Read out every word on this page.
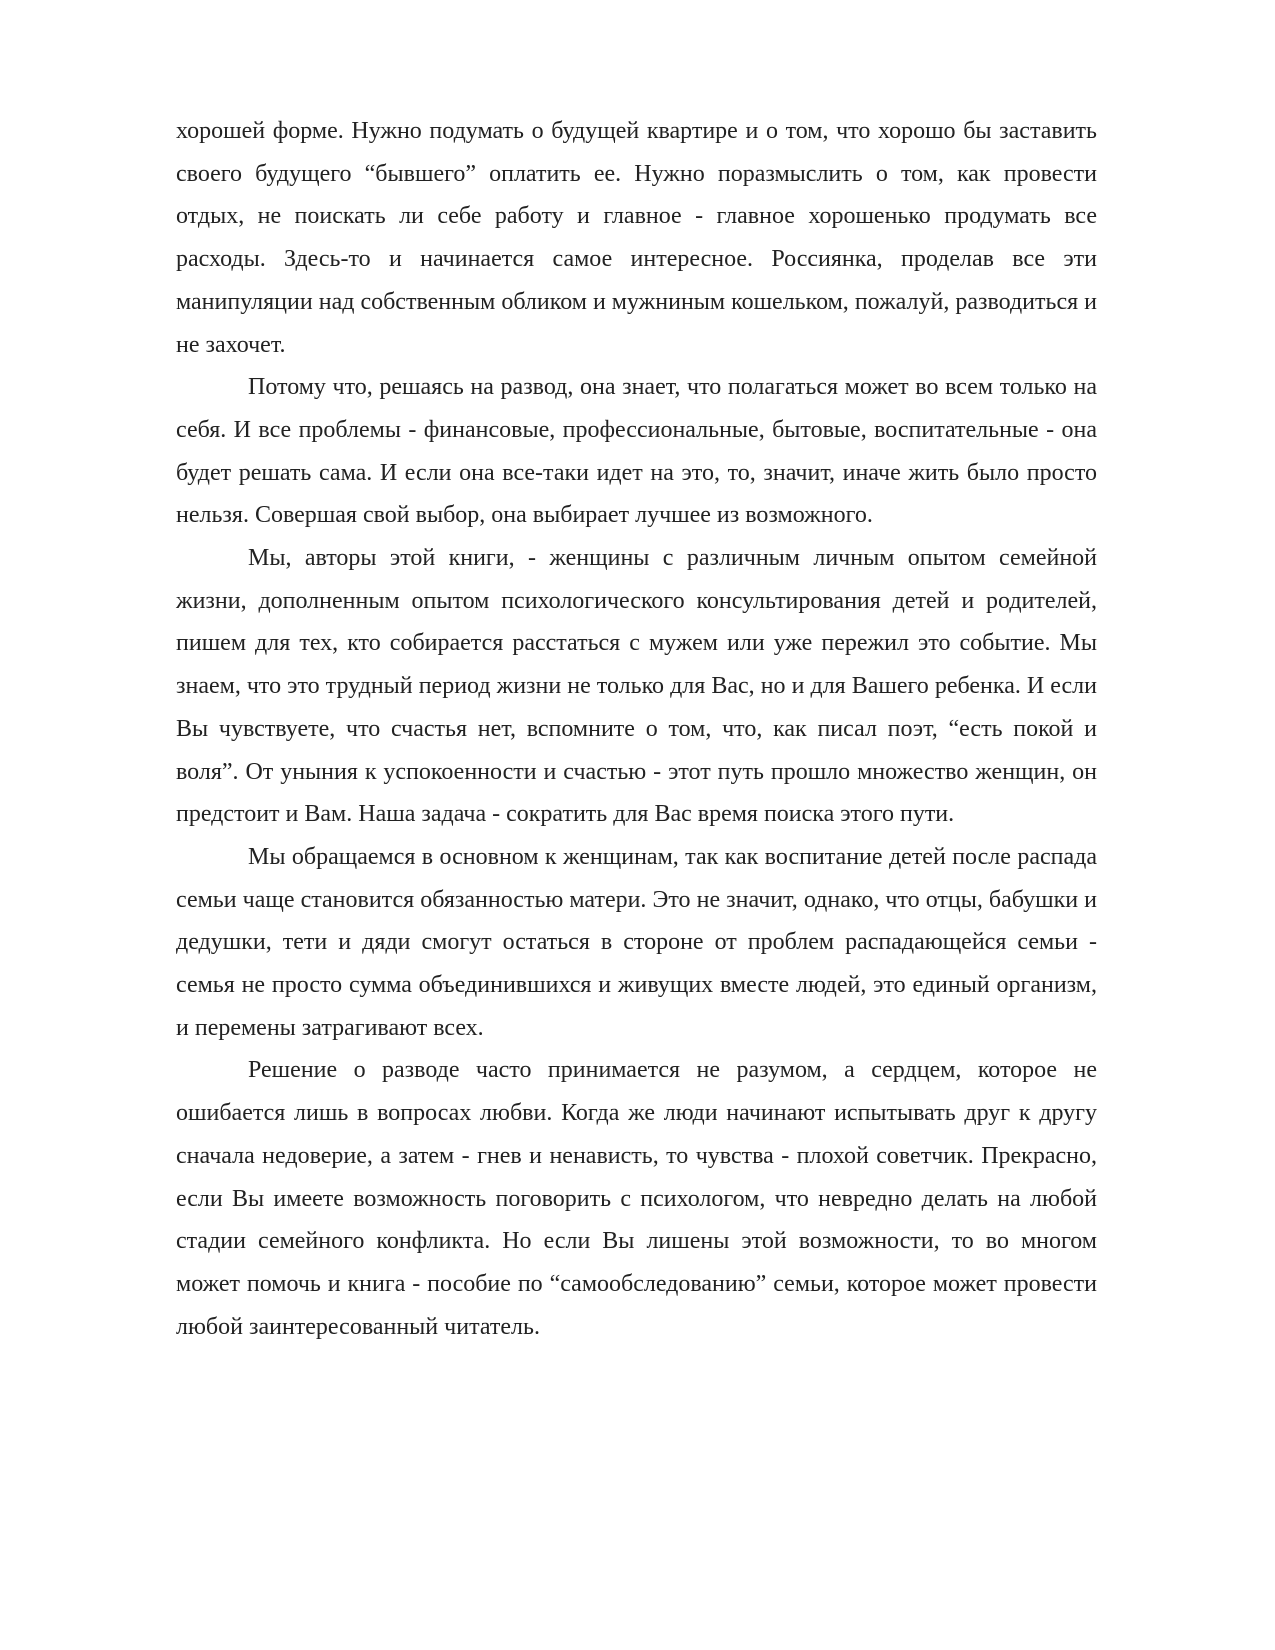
хорошей форме. Нужно подумать о будущей квартире и о том, что хорошо бы заставить своего будущего “бывшего” оплатить ее. Нужно поразмыслить о том, как провести отдых, не поискать ли себе работу и главное - главное хорошенько продумать все расходы. Здесь-то и начинается самое интересное. Россиянка, проделав все эти манипуляции над собственным обликом и мужниным кошельком, пожалуй, разводиться и не захочет.

Потому что, решаясь на развод, она знает, что полагаться может во всем только на себя. И все проблемы - финансовые, профессиональные, бытовые, воспитательные - она будет решать сама. И если она все-таки идет на это, то, значит, иначе жить было просто нельзя. Совершая свой выбор, она выбирает лучшее из возможного.

Мы, авторы этой книги, - женщины с различным личным опытом семейной жизни, дополненным опытом психологического консультирования детей и родителей, пишем для тех, кто собирается расстаться с мужем или уже пережил это событие. Мы знаем, что это трудный период жизни не только для Вас, но и для Вашего ребенка. И если Вы чувствуете, что счастья нет, вспомните о том, что, как писал поэт, “есть покой и воля”. От уныния к успокоенности и счастью - этот путь прошло множество женщин, он предстоит и Вам. Наша задача - сократить для Вас время поиска этого пути.

Мы обращаемся в основном к женщинам, так как воспитание детей после распада семьи чаще становится обязанностью матери. Это не значит, однако, что отцы, бабушки и дедушки, тети и дяди смогут остаться в стороне от проблем распадающейся семьи - семья не просто сумма объединившихся и живущих вместе людей, это единый организм, и перемены затрагивают всех.

Решение о разводе часто принимается не разумом, а сердцем, которое не ошибается лишь в вопросах любви. Когда же люди начинают испытывать друг к другу сначала недоверие, а затем - гнев и ненависть, то чувства - плохой советчик. Прекрасно, если Вы имеете возможность поговорить с психологом, что невредно делать на любой стадии семейного конфликта. Но если Вы лишены этой возможности, то во многом может помочь и книга - пособие по “самообследованию” семьи, которое может провести любой заинтересованный читатель.
